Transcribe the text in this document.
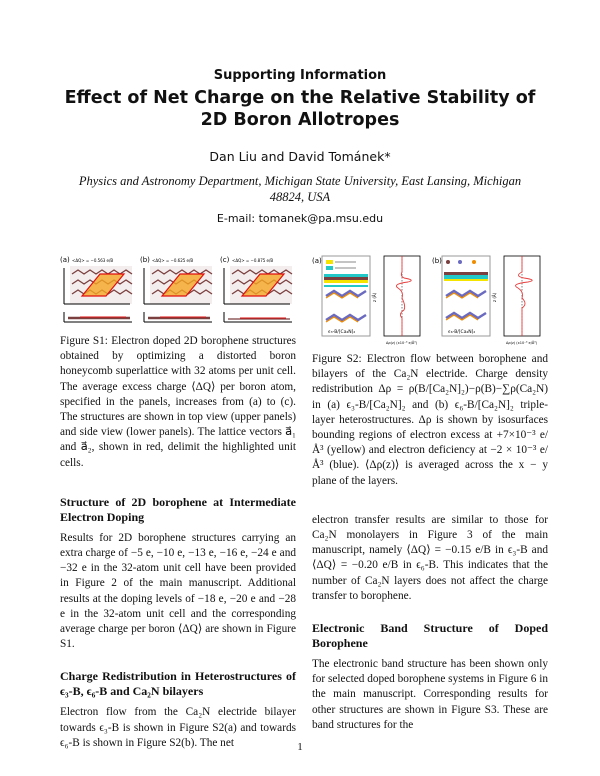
Supporting Information
Effect of Net Charge on the Relative Stability of
2D Boron Allotropes
Dan Liu and David Tománek*
Physics and Astronomy Department, Michigan State University, East Lansing, Michigan
48824, USA
E-mail: tomanek@pa.msu.edu
(a) <ΔQ> = −0.563 e/B	(b) <ΔQ> = −0.625 e/B	(c) <ΔQ> = −0.875 e/B

Figure S1: Electron doped 2D borophene structures obtained by optimizing a distorted boron honeycomb superlattice with 32 atoms per unit cell. The average excess charge ⟨ΔQ⟩ per boron atom, specified in the panels, increases from (a) to (c). The structures are shown in top view (upper panels) and side view (lower panels). The lattice vectors a⃗₁ and a⃗₂, shown in red, delimit the highlighted unit cells.

Structure of 2D borophene at Intermediate Electron Doping

Results for 2D borophene structures carrying an extra charge of −5 e, −10 e, −13 e, −16 e, −24 e and −32 e in the 32-atom unit cell have been provided in Figure 2 of the main manuscript. Additional results at the doping levels of −18 e, −20 e and −28 e in the 32-atom unit cell and the corresponding average charge per boron ⟨ΔQ⟩ are shown in Figure S1.

Charge Redistribution in Heterostructures of ϵ₃-B, ϵ₆-B and Ca₂N bilayers

Electron flow from the Ca₂N electride bilayer towards ϵ₃-B is shown in Figure S2(a) and towards ϵ₆-B is shown in Figure S2(b). The net

(a)
ϵ₃-B/[Ca₂N]₂
z (Å)
Δρ(z) (x10⁻³ e/Å³)
(b)
ϵ₆-B/[Ca₂N]₂
z (Å)
Δρ(z) (x10⁻³ e/Å³)

Figure S2: Electron flow between borophene and bilayers of the Ca₂N electride. Charge density redistribution Δρ = ρ(B/[Ca₂N]₂)−ρ(B)−∑ρ(Ca₂N) in (a) ϵ₃-B/[Ca₂N]₂ and (b) ϵ₆-B/[Ca₂N]₂ triple-layer heterostructures. Δρ is shown by isosurfaces bounding regions of electron excess at +7×10⁻³ e/Å³ (yellow) and electron deficiency at −2 × 10⁻³ e/Å³ (blue). ⟨Δρ(z)⟩ is averaged across the x − y plane of the layers.

electron transfer results are similar to those for Ca₂N monolayers in Figure 3 of the main manuscript, namely ⟨ΔQ⟩ = −0.15 e/B in ϵ₃-B and ⟨ΔQ⟩ = −0.20 e/B in ϵ₆-B. This indicates that the number of Ca₂N layers does not affect the charge transfer to borophene.

Electronic Band Structure of Doped Borophene

The electronic band structure has been shown only for selected doped borophene systems in Figure 6 in the main manuscript. Corresponding results for other structures are shown in Figure S3. These are band structures for the

1
